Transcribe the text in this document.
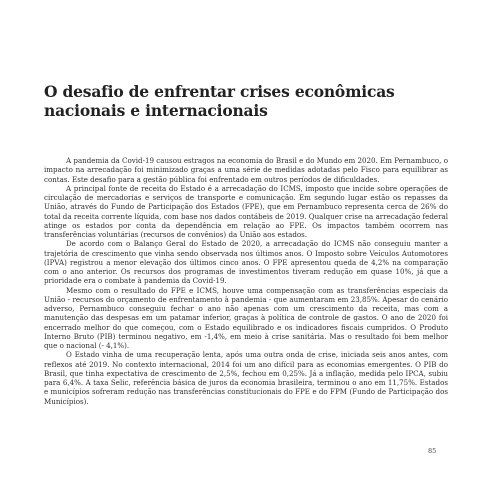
O desafio de enfrentar crises econômicas
nacionais e internacionais

A pandemia da Covid-19 causou estragos na economia do Brasil e do Mundo em 2020. Em Pernambuco, o impacto na arrecadação foi minimizado graças a uma série de medidas adotadas pelo Fisco para equilibrar as contas. Este desafio para a gestão pública foi enfrentado em outros períodos de dificuldades.

A principal fonte de receita do Estado é a arrecadação do ICMS, imposto que incide sobre operações de circulação de mercadorias e serviços de transporte e comunicação. Em segundo lugar estão os repasses da União, através do Fundo de Participação dos Estados (FPE), que em Pernambuco representa cerca de 26% do total da receita corrente líquida, com base nos dados contábeis de 2019. Qualquer crise na arrecadação federal atinge os estados por conta da dependência em relação ao FPE. Os impactos também ocorrem nas transferências voluntárias (recursos de convênios) da União aos estados.

De acordo com o Balanço Geral do Estado de 2020, a arrecadação do ICMS não conseguiu manter a trajetória de crescimento que vinha sendo observada nos últimos anos. O Imposto sobre Veículos Automotores (IPVA) registrou a menor elevação dos últimos cinco anos. O FPE apresentou queda de 4,2% na comparação com o ano anterior. Os recursos dos programas de investimentos tiveram redução em quase 10%, já que a prioridade era o combate à pandemia da Covid-19.

Mesmo com o resultado do FPE e ICMS, houve uma compensação com as transferências especiais da União - recursos do orçamento de enfrentamento à pandemia - que aumentaram em 23,85%. Apesar do cenário adverso, Pernambuco conseguiu fechar o ano não apenas com um crescimento da receita, mas com a manutenção das despesas em um patamar inferior, graças à política de controle de gastos. O ano de 2020 foi encerrado melhor do que começou, com o Estado equilibrado e os indicadores fiscais cumpridos. O Produto Interno Bruto (PIB) terminou negativo, em -1,4%, em meio à crise sanitária. Mas o resultado foi bem melhor que o nacional (- 4,1%).

O Estado vinha de uma recuperação lenta, após uma outra onda de crise, iniciada seis anos antes, com reflexos até 2019. No contexto internacional, 2014 foi um ano difícil para as economias emergentes. O PIB do Brasil, que tinha expectativa de crescimento de 2,5%, fechou em 0,25%. Já a inflação, medida pelo IPCA, subiu para 6,4%. A taxa Selic, referência básica de juros da economia brasileira, terminou o ano em 11,75%. Estados e municípios sofreram redução nas transferências constitucionais do FPE e do FPM (Fundo de Participação dos Municípios).

85
